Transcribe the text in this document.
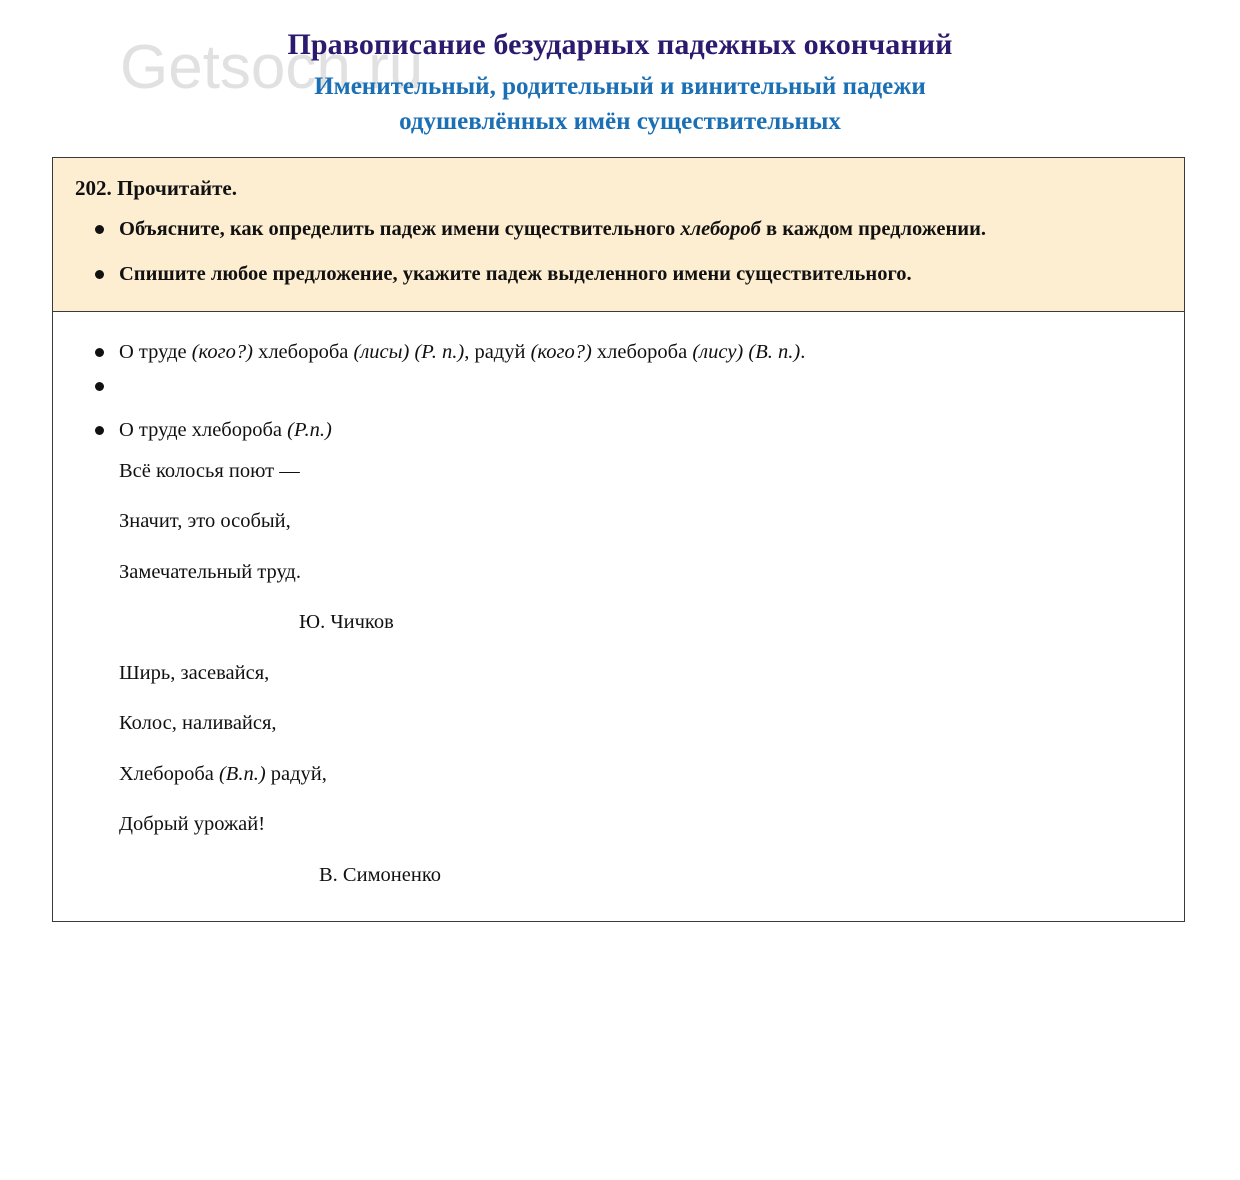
Getsoch.ru
Правописание безударных падежных окончаний
Именительный, родительный и винительный падежи
одушевлённых имён существительных
202. Прочитайте.
Объясните, как определить падеж имени существительного хлебороб в каждом предложении.
Спишите любое предложение, укажите падеж выделенного имени существительного.
О труде (кого?) хлебороба (лисы) (Р. п.), радуй (кого?) хлебороба (лису) (В. п.).
О труде хлебороба (Р.п.)
Всё колосья поют —
Значит, это особый,
Замечательный труд.
Ю. Чичков
Ширь, засевайся,
Колос, наливайся,
Хлебороба (В.п.) радуй,
Добрый урожай!
В. Симоненко
